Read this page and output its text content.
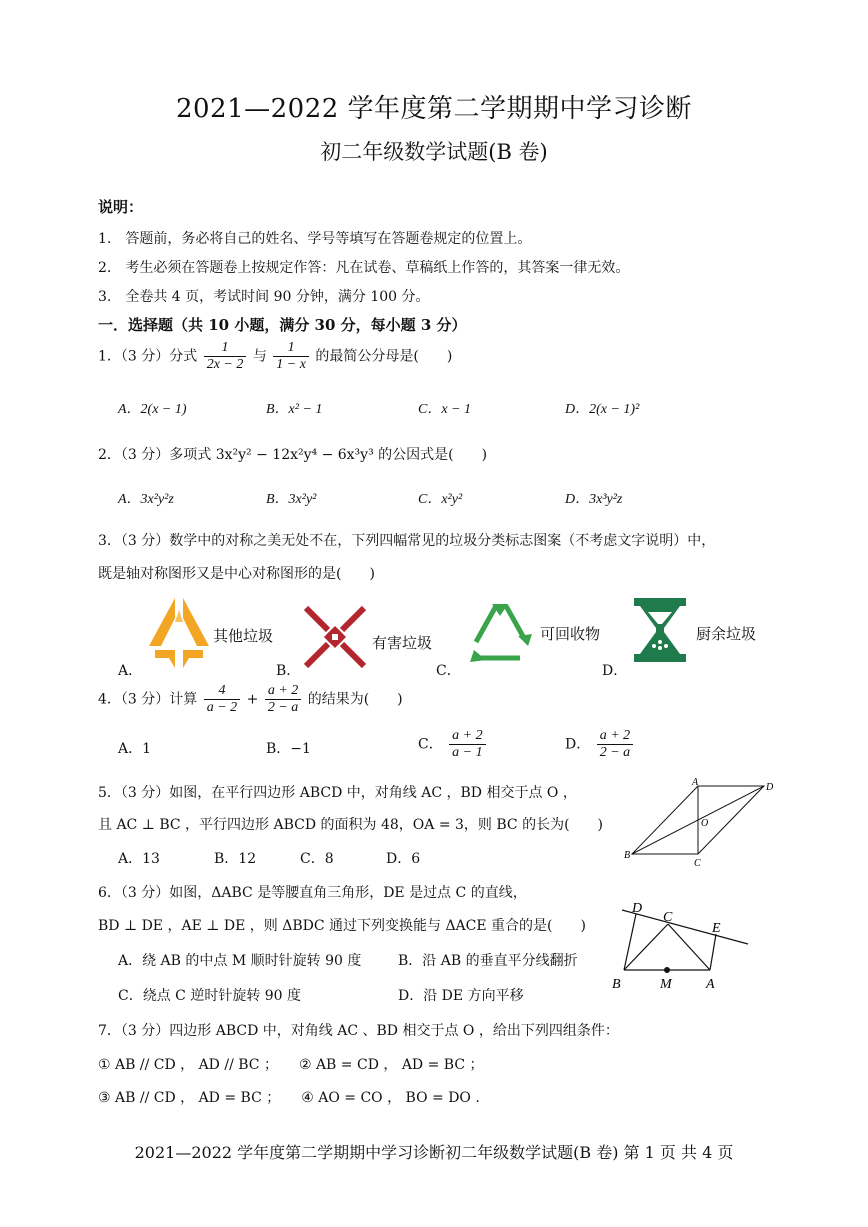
2021—2022 学年度第二学期期中学习诊断
初二年级数学试题(B 卷)
说明：
1.　答题前，务必将自己的姓名、学号等填写在答题卷规定的位置上。
2.　考生必须在答题卷上按规定作答：凡在试卷、草稿纸上作答的，其答案一律无效。
3.　全卷共 4 页，考试时间 90 分钟，满分 100 分。
一．选择题（共 10 小题，满分 30 分，每小题 3 分）
1．（3 分）分式 $\frac{1}{2x - 2}$ 与 $\frac{1}{1 - x}$ 的最简公分母是(　　)
A．2(x − 1)	B．x² − 1	C．x − 1	D．2(x − 1)²
2．（3 分）多项式 3x²y² − 12x²y⁴ − 6x³y³ 的公因式是(　　)
A．3x²y²z	B．3x²y²	C．x²y²	D．3x³y²z
3．（3 分）数学中的对称之美无处不在，下列四幅常见的垃圾分类标志图案（不考虑文字说明）中，
既是轴对称图形又是中心对称图形的是(　　)
A．
其他垃圾
B．
有害垃圾
C．
可回收物
D．
厨余垃圾
4．（3 分）计算 $\frac{4}{a - 2} + \frac{a + 2}{2 - a}$ 的结果为(　　)
A．1	B．−1	C． $\frac{a + 2}{a - 1}$	D． $\frac{a + 2}{2 - a}$
5．（3 分）如图，在平行四边形 ABCD 中，对角线 AC ，BD 相交于点 O ，
且 AC ⊥ BC ，平行四边形 ABCD 的面积为 48，OA = 3，则 BC 的长为(　　)
A．13	B．12	C．8	D．6
A
B
C
D
O
6．（3 分）如图，ΔABC 是等腰直角三角形，DE 是过点 C 的直线，
BD ⊥ DE ，AE ⊥ DE ，则 ΔBDC 通过下列变换能与 ΔACE 重合的是(　　)
A．绕 AB 的中点 M 顺时针旋转 90 度	B．沿 AB 的垂直平分线翻折
C．绕点 C 逆时针旋转 90 度	D．沿 DE 方向平移
D
C
E
B	M A
7．（3 分）四边形 ABCD 中，对角线 AC 、BD 相交于点 O ，给出下列四组条件：
① AB // CD ， AD // BC ；　　② AB = CD ， AD = BC ；
③ AB // CD ， AD = BC ；　　④ AO = CO ， BO = DO .
2021—2022 学年度第二学期期中学习诊断初二年级数学试题(B 卷) 第 1 页 共 4 页
